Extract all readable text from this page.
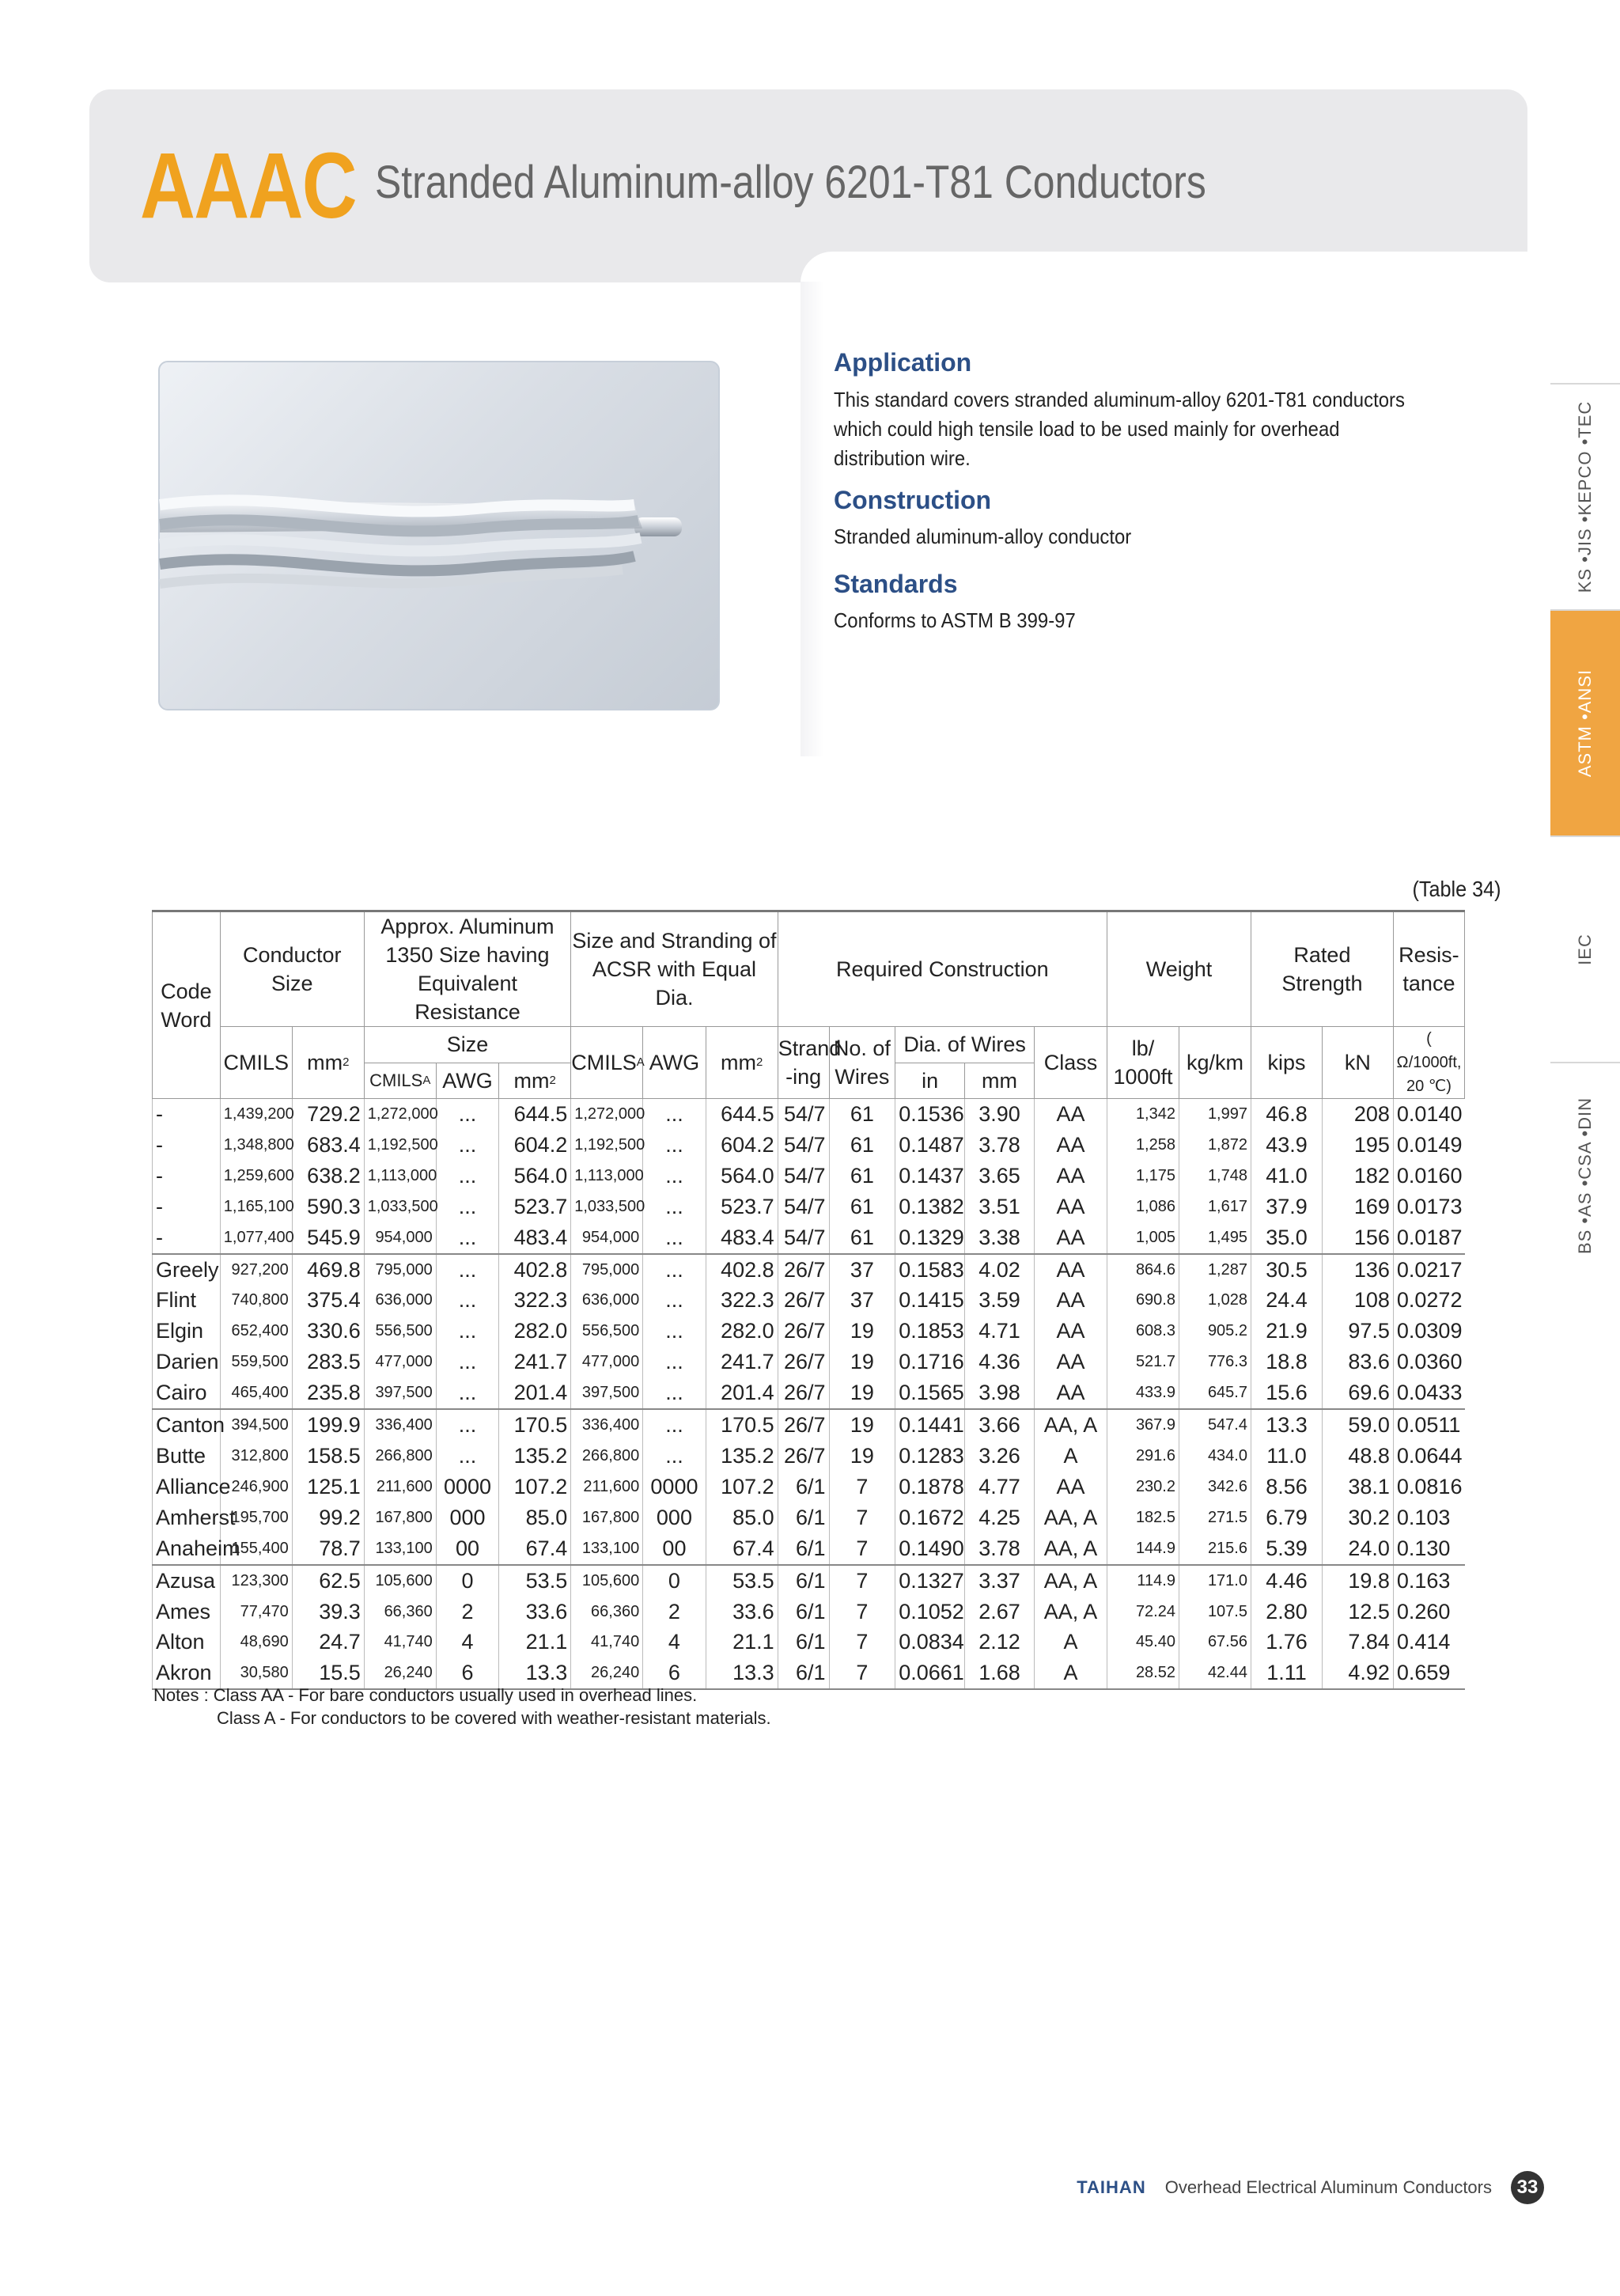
AAAC Stranded Aluminum-alloy 6201-T81 Conductors
Application
This standard covers stranded aluminum-alloy 6201-T81 conductors which could high tensile load to be used mainly for overhead distribution wire.
Construction
Stranded aluminum-alloy conductor
Standards
Conforms to ASTM B 399-97
KS •JIS •KEPCO •TEC
ASTM •ANSI
IEC
BS •AS •CSA •DIN
(Table 34)
Code Word	Conductor Size		Approx. Aluminum 1350 Size having Equivalent Resistance			Size and Stranding of ACSR with Equal Dia.			Required Construction					Weight		Rated Strength		Resis- tance
	CMILS	$mm^2$	Size			$CMILS^A$	AWG	$mm^2$	Strand -ing	No. of Wires	Dia. of Wires		Class	lb/ 1000ft	kg/km	kips	kN	( Ω/1000ft,
20 ℃)
			$CMILS^A$	AWG	$mm^2$						in	mm						
-	1,439,200	729.2	1,272,000	...	644.5	1,272,000	...	644.5	54/7	61	0.1536	3.90	AA	1,342	1,997	46.8	208	0.0140
-	1,348,800	683.4	1,192,500	...	604.2	1,192,500	...	604.2	54/7	61	0.1487	3.78	AA	1,258	1,872	43.9	195	0.0149
-	1,259,600	638.2	1,113,000	...	564.0	1,113,000	...	564.0	54/7	61	0.1437	3.65	AA	1,175	1,748	41.0	182	0.0160
-	1,165,100	590.3	1,033,500	...	523.7	1,033,500	...	523.7	54/7	61	0.1382	3.51	AA	1,086	1,617	37.9	169	0.0173
-	1,077,400	545.9	954,000	...	483.4	954,000	...	483.4	54/7	61	0.1329	3.38	AA	1,005	1,495	35.0	156	0.0187
Greely	927,200	469.8	795,000	...	402.8	795,000	...	402.8	26/7	37	0.1583	4.02	AA	864.6	1,287	30.5	136	0.0217
Flint	740,800	375.4	636,000	...	322.3	636,000	...	322.3	26/7	37	0.1415	3.59	AA	690.8	1,028	24.4	108	0.0272
Elgin	652,400	330.6	556,500	...	282.0	556,500	...	282.0	26/7	19	0.1853	4.71	AA	608.3	905.2	21.9	97.5	0.0309
Darien	559,500	283.5	477,000	...	241.7	477,000	...	241.7	26/7	19	0.1716	4.36	AA	521.7	776.3	18.8	83.6	0.0360
Cairo	465,400	235.8	397,500	...	201.4	397,500	...	201.4	26/7	19	0.1565	3.98	AA	433.9	645.7	15.6	69.6	0.0433
Canton	394,500	199.9	336,400	...	170.5	336,400	...	170.5	26/7	19	0.1441	3.66	AA, A	367.9	547.4	13.3	59.0	0.0511
Butte	312,800	158.5	266,800	...	135.2	266,800	...	135.2	26/7	19	0.1283	3.26	A	291.6	434.0	11.0	48.8	0.0644
Alliance	246,900	125.1	211,600	0000	107.2	211,600	0000	107.2	6/1	7	0.1878	4.77	AA	230.2	342.6	8.56	38.1	0.0816
Amherst	195,700	99.2	167,800	000	85.0	167,800	000	85.0	6/1	7	0.1672	4.25	AA, A	182.5	271.5	6.79	30.2	0.103
Anaheim	155,400	78.7	133,100	00	67.4	133,100	00	67.4	6/1	7	0.1490	3.78	AA, A	144.9	215.6	5.39	24.0	0.130
Azusa	123,300	62.5	105,600	0	53.5	105,600	0	53.5	6/1	7	0.1327	3.37	AA, A	114.9	171.0	4.46	19.8	0.163
Ames	77,470	39.3	66,360	2	33.6	66,360	2	33.6	6/1	7	0.1052	2.67	AA, A	72.24	107.5	2.80	12.5	0.260
Alton	48,690	24.7	41,740	4	21.1	41,740	4	21.1	6/1	7	0.0834	2.12	A	45.40	67.56	1.76	7.84	0.414
Akron	30,580	15.5	26,240	6	13.3	26,240	6	13.3	6/1	7	0.0661	1.68	A	28.52	42.44	1.11	4.92	0.659
Notes : Class AA - For bare conductors usually used in overhead lines.
Class A - For conductors to be covered with weather-resistant materials.
TAIHAN Overhead Electrical Aluminum Conductors	33
